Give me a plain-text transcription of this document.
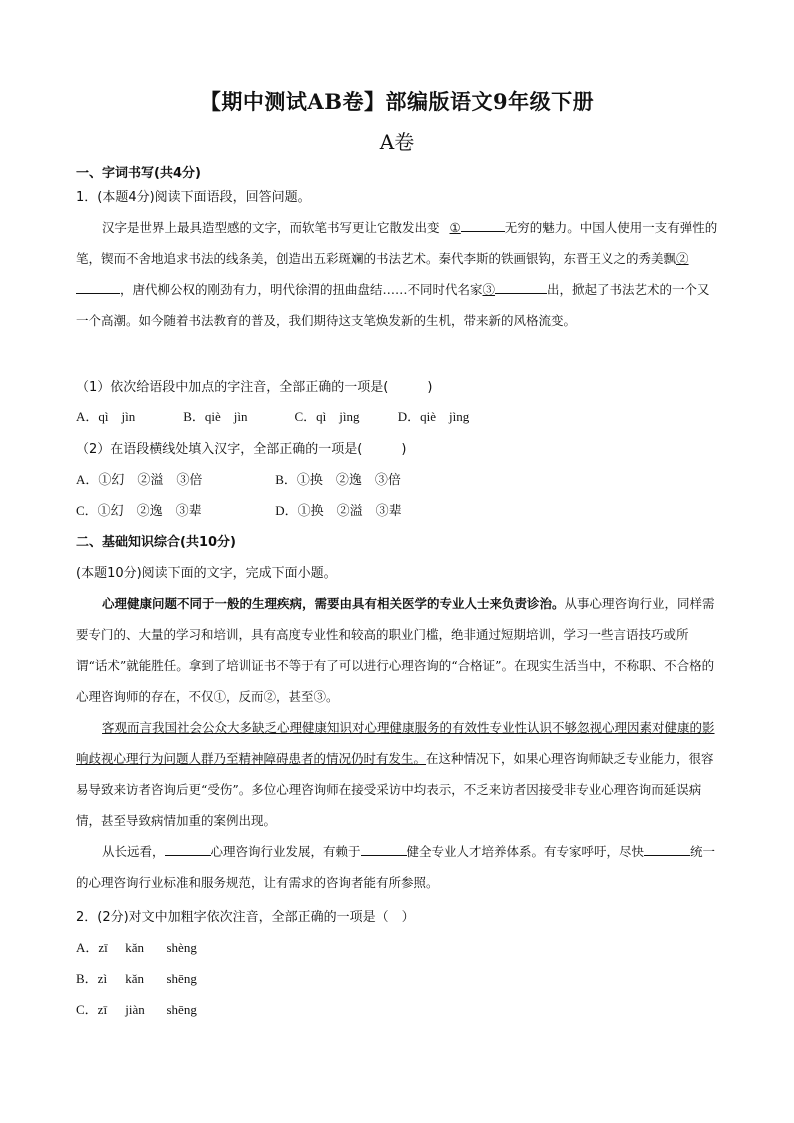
【期中测试AB卷】部编版语文9年级下册
A卷
一、字词书写(共4分)
1．(本题4分)阅读下面语段，回答问题。
汉字是世界上最具造型感的文字，而软笔书写更让它散发出变 ①	无穷的魅力。中国人使用一支有弹性的笔，锲而不舍地追求书法的线条美，创造出五彩斑斓的书法艺术。秦代李斯的铁画银钩，东晋王义之的秀美飘②，唐代柳公权的刚劲有力，明代徐渭的扭曲盘结……不同时代名家③	出，掀起了书法艺术的一个又一个高潮。如今随着书法教育的普及，我们期待这支笔焕发新的生机，带来新的风格流变。
（1）依次给语段中加点的字注音，全部正确的一项是(　　　)
A．qì　jìn	B．qiè　jìn	C．qì　jìng	D．qiè　jìng
（2）在语段横线处填入汉字，全部正确的一项是(　　　)
A．①幻　②溢　③倍	B．①换　②逸　③倍
C．①幻　②逸　③辈	D．①换　②溢　③辈
二、基础知识综合(共10分)
(本题10分)阅读下面的文字，完成下面小题。
心理健康问题不同于一般的生理疾病，需要由具有相关医学的专业人士来负责诊治。从事心理咨询行业，同样需要专门的、大量的学习和培训，具有高度专业性和较高的职业门槛，绝非通过短期培训，学习一些言语技巧或所谓“话术”就能胜任。拿到了培训证书不等于有了可以进行心理咨询的“合格证”。在现实生活当中，不称职、不合格的心理咨询师的存在，不仅①，反而②，甚至③。
客观而言我国社会公众大多缺乏心理健康知识对心理健康服务的有效性专业性认识不够忽视心理因素对健康的影响歧视心理行为问题人群乃至精神障碍患者的情况仍时有发生。在这种情况下，如果心理咨询师缺乏专业能力，很容易导致来访者咨询后更“受伤”。多位心理咨询师在接受采访中均表示，不乏来访者因接受非专业心理咨询而延误病情，甚至导致病情加重的案例出现。
从长远看，	心理咨询行业发展，有赖于	健全专业人才培养体系。有专家呼吁，尽快	统一的心理咨询行业标准和服务规范，让有需求的咨询者能有所参照。
2．(2分)对文中加粗字依次注音，全部正确的一项是（　）
A．zī kǎn shèng
B．zì kǎn shēng
C．zī jiàn shēng
